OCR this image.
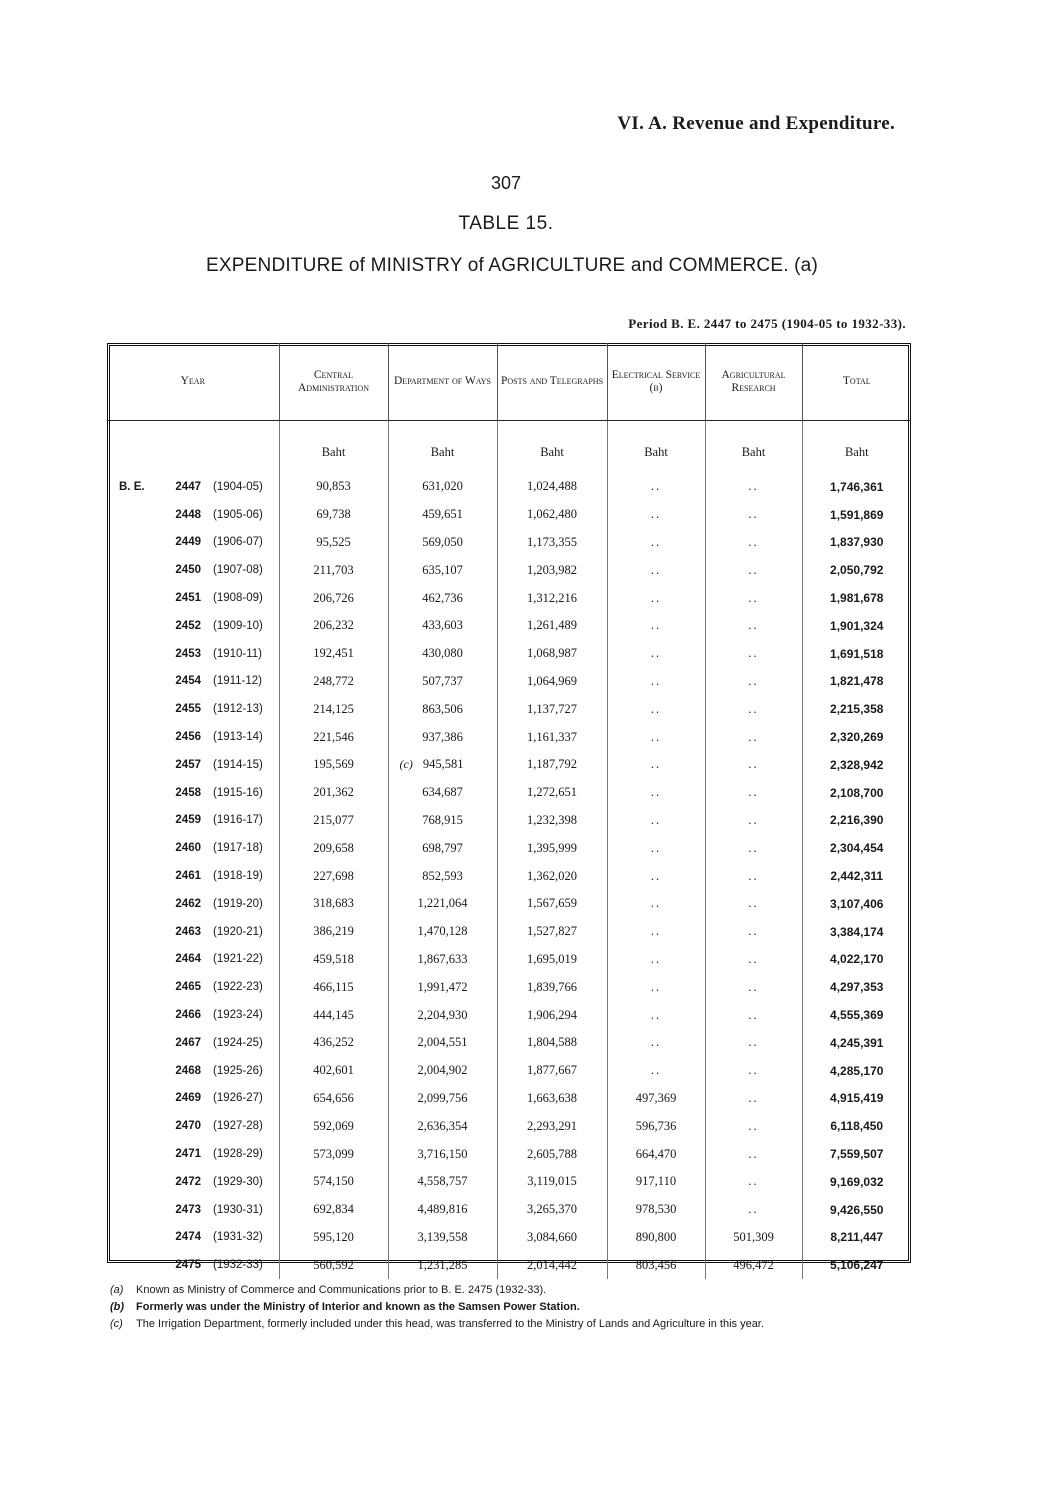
VI. A. Revenue and Expenditure.
307
TABLE 15.
EXPENDITURE of MINISTRY of AGRICULTURE and COMMERCE. (a)
Period B. E. 2447 to 2475 (1904-05 to 1932-33).
Year	Central Administration	Department of Ways	Posts and Telegraphs	Electrical Service (b)	Agricultural Research	Total
	Baht	Baht	Baht	Baht	Baht	Baht
B. E. 2447 (1904-05)	90,853	631,020	1,024,488	..	..	1,746,361
2448 (1905-06)	69,738	459,651	1,062,480	..	..	1,591,869
2449 (1906-07)	95,525	569,050	1,173,355	..	..	1,837,930
2450 (1907-08)	211,703	635,107	1,203,982	..	..	2,050,792
2451 (1908-09)	206,726	462,736	1,312,216	..	..	1,981,678
2452 (1909-10)	206,232	433,603	1,261,489	..	..	1,901,324
2453 (1910-11)	192,451	430,080	1,068,987	..	..	1,691,518
2454 (1911-12)	248,772	507,737	1,064,969	..	..	1,821,478
2455 (1912-13)	214,125	863,506	1,137,727	..	..	2,215,358
2456 (1913-14)	221,546	937,386	1,161,337	..	..	2,320,269
2457 (1914-15)	195,569	(c) 945,581	1,187,792	..	..	2,328,942
2458 (1915-16)	201,362	634,687	1,272,651	..	..	2,108,700
2459 (1916-17)	215,077	768,915	1,232,398	..	..	2,216,390
2460 (1917-18)	209,658	698,797	1,395,999	..	..	2,304,454
2461 (1918-19)	227,698	852,593	1,362,020	..	..	2,442,311
2462 (1919-20)	318,683	1,221,064	1,567,659	..	..	3,107,406
2463 (1920-21)	386,219	1,470,128	1,527,827	..	..	3,384,174
2464 (1921-22)	459,518	1,867,633	1,695,019	..	..	4,022,170
2465 (1922-23)	466,115	1,991,472	1,839,766	..	..	4,297,353
2466 (1923-24)	444,145	2,204,930	1,906,294	..	..	4,555,369
2467 (1924-25)	436,252	2,004,551	1,804,588	..	..	4,245,391
2468 (1925-26)	402,601	2,004,902	1,877,667	..	..	4,285,170
2469 (1926-27)	654,656	2,099,756	1,663,638	497,369	..	4,915,419
2470 (1927-28)	592,069	2,636,354	2,293,291	596,736	..	6,118,450
2471 (1928-29)	573,099	3,716,150	2,605,788	664,470	..	7,559,507
2472 (1929-30)	574,150	4,558,757	3,119,015	917,110	..	9,169,032
2473 (1930-31)	692,834	4,489,816	3,265,370	978,530	..	9,426,550
2474 (1931-32)	595,120	3,139,558	3,084,660	890,800	501,309	8,211,447
2475 (1932-33)	560,592	1,231,285	2,014,442	803,456	496,472	5,106,247
(a)	Known as Ministry of Commerce and Communications prior to B. E. 2475 (1932-33).
(b)	Formerly was under the Ministry of Interior and known as the Samsen Power Station.
(c)	The Irrigation Department, formerly included under this head, was transferred to the Ministry of Lands and Agriculture in this year.
